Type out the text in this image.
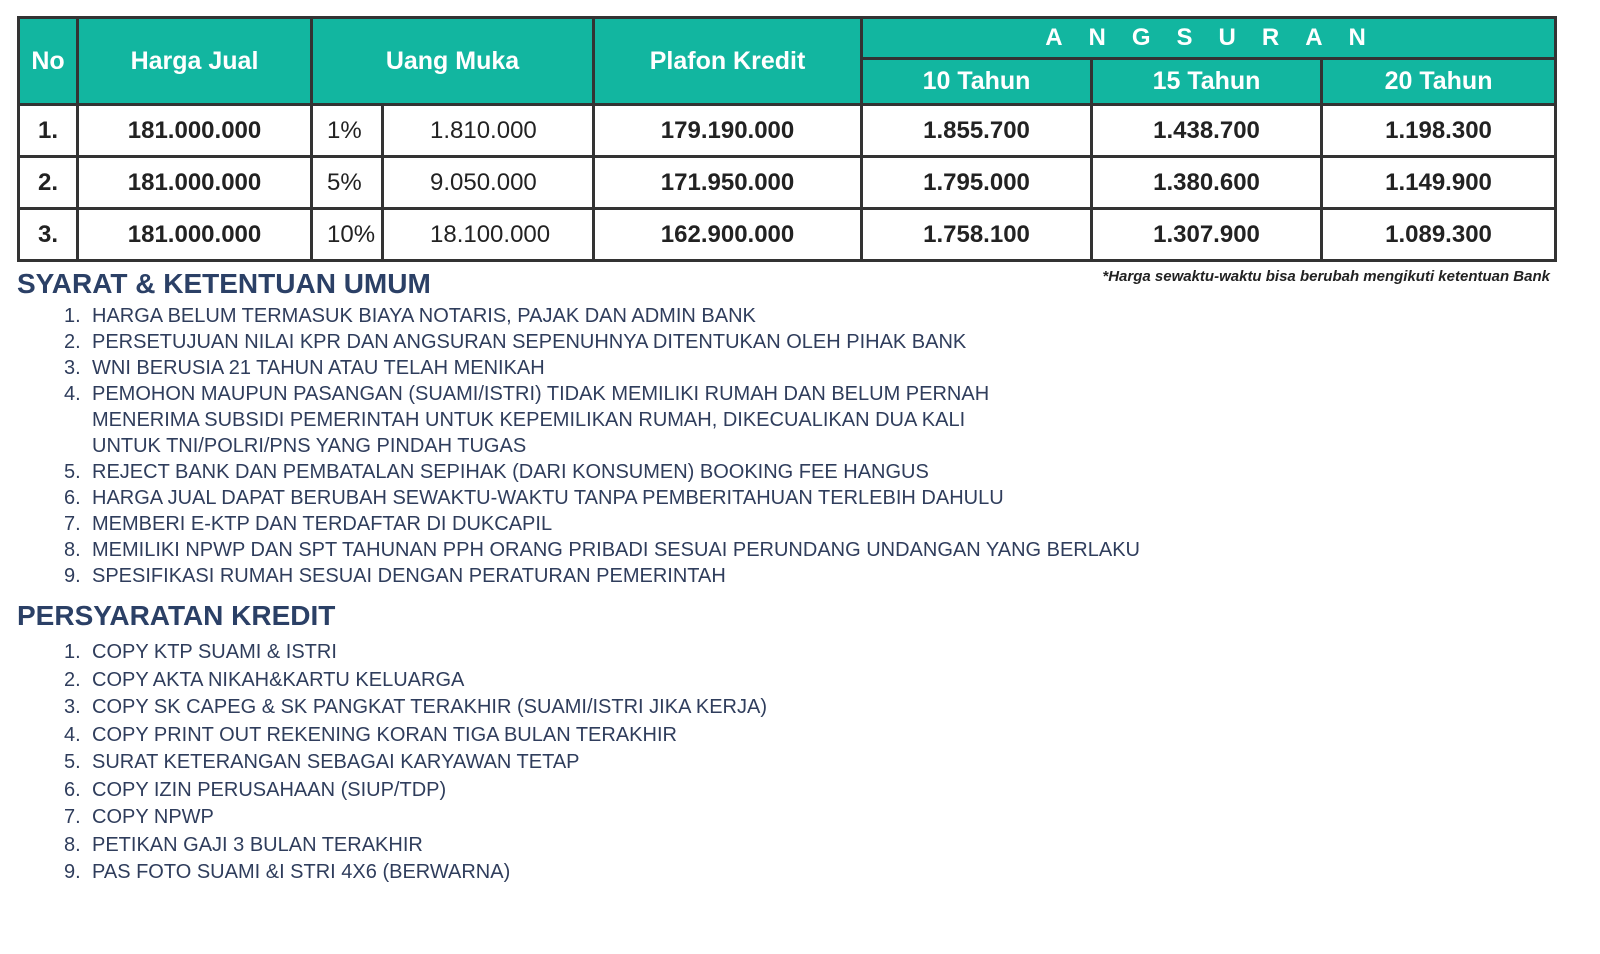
No	Harga Jual	Uang Muka		Plafon Kredit	ANGSURAN		
					10 Tahun	15 Tahun	20 Tahun
1.	181.000.000	1%	1.810.000	179.190.000	1.855.700	1.438.700	1.198.300
2.	181.000.000	5%	9.050.000	171.950.000	1.795.000	1.380.600	1.149.900
3.	181.000.000	10%	18.100.000	162.900.000	1.758.100	1.307.900	1.089.300
*Harga sewaktu-waktu bisa berubah mengikuti ketentuan Bank
SYARAT & KETENTUAN UMUM
1. HARGA BELUM TERMASUK BIAYA NOTARIS, PAJAK DAN ADMIN BANK
2. PERSETUJUAN NILAI KPR DAN ANGSURAN SEPENUHNYA DITENTUKAN OLEH PIHAK BANK
3. WNI BERUSIA 21 TAHUN ATAU TELAH MENIKAH
4. PEMOHON MAUPUN PASANGAN (SUAMI/ISTRI) TIDAK MEMILIKI RUMAH DAN BELUM PERNAH
MENERIMA SUBSIDI PEMERINTAH UNTUK KEPEMILIKAN RUMAH, DIKECUALIKAN DUA KALI
UNTUK TNI/POLRI/PNS YANG PINDAH TUGAS
5. REJECT BANK DAN PEMBATALAN SEPIHAK (DARI KONSUMEN) BOOKING FEE HANGUS
6. HARGA JUAL DAPAT BERUBAH SEWAKTU-WAKTU TANPA PEMBERITAHUAN TERLEBIH DAHULU
7. MEMBERI E-KTP DAN TERDAFTAR DI DUKCAPIL
8. MEMILIKI NPWP DAN SPT TAHUNAN PPH ORANG PRIBADI SESUAI PERUNDANG UNDANGAN YANG BERLAKU
9. SPESIFIKASI RUMAH SESUAI DENGAN PERATURAN PEMERINTAH
PERSYARATAN KREDIT
1. COPY KTP SUAMI & ISTRI
2. COPY AKTA NIKAH&KARTU KELUARGA
3. COPY SK CAPEG & SK PANGKAT TERAKHIR (SUAMI/ISTRI JIKA KERJA)
4. COPY PRINT OUT REKENING KORAN TIGA BULAN TERAKHIR
5. SURAT KETERANGAN SEBAGAI KARYAWAN TETAP
6. COPY IZIN PERUSAHAAN (SIUP/TDP)
7. COPY NPWP
8. PETIKAN GAJI 3 BULAN TERAKHIR
9. PAS FOTO SUAMI &I STRI 4X6 (BERWARNA)
